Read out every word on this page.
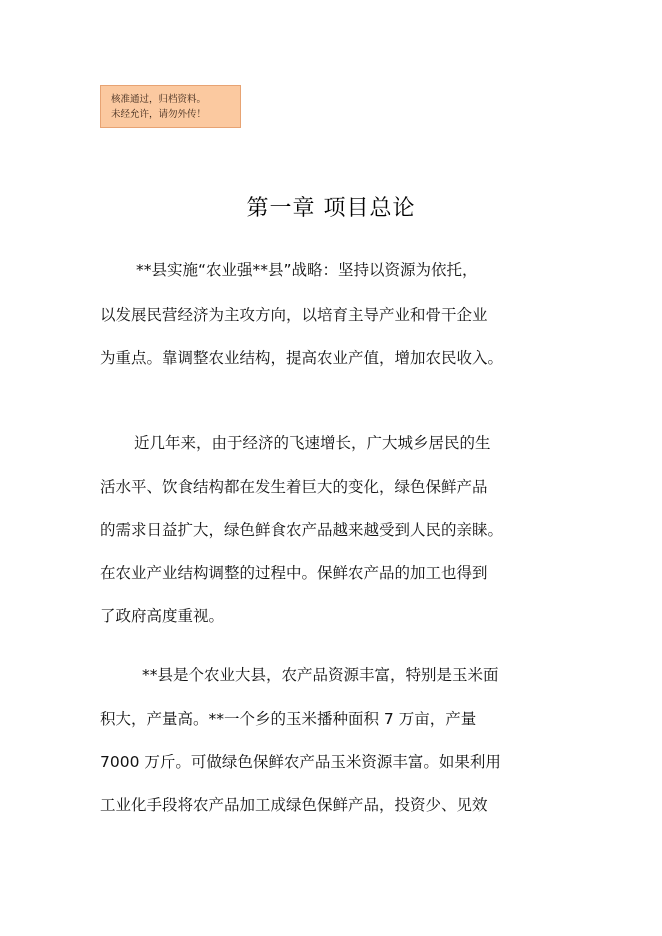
核准通过，归档资料。
未经允许，请勿外传！
第一章 项目总论
**县实施“农业强**县”战略：坚持以资源为依托，
以发展民营经济为主攻方向，以培育主导产业和骨干企业
为重点。靠调整农业结构，提高农业产值，增加农民收入。
近几年来，由于经济的飞速增长，广大城乡居民的生
活水平、饮食结构都在发生着巨大的变化，绿色保鲜产品
的需求日益扩大，绿色鲜食农产品越来越受到人民的亲睐。
在农业产业结构调整的过程中。保鲜农产品的加工也得到
了政府高度重视。
**县是个农业大县，农产品资源丰富，特别是玉米面
积大，产量高。**一个乡的玉米播种面积 7 万亩，产量
7000 万斤。可做绿色保鲜农产品玉米资源丰富。如果利用
工业化手段将农产品加工成绿色保鲜产品，投资少、见效
